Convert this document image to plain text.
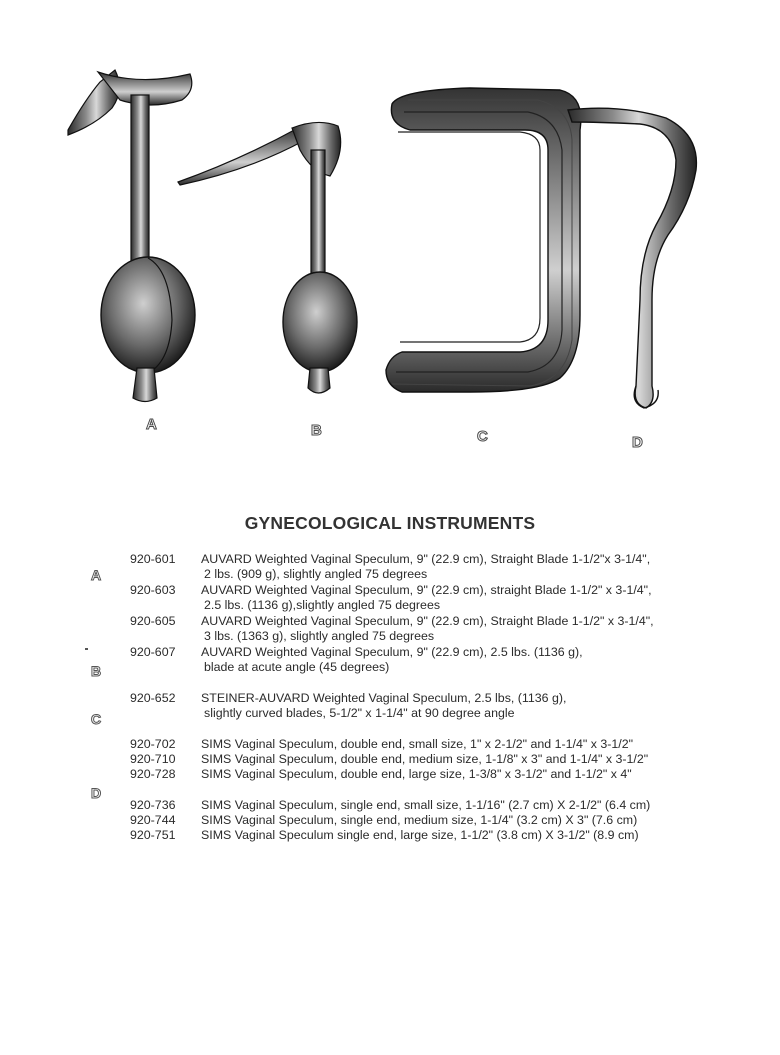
A	B	C	D
GYNECOLOGICAL INSTRUMENTS
A
B
C
D
920-601 AUVARD Weighted Vaginal Speculum, 9" (22.9 cm), Straight Blade 1-1/2"x 3-1/4",
2 lbs. (909 g), slightly angled 75 degrees
920-603 AUVARD Weighted Vaginal Speculum, 9" (22.9 cm), straight Blade 1-1/2" x 3-1/4",
2.5 lbs. (1136 g),slightly angled 75 degrees
920-605 AUVARD Weighted Vaginal Speculum, 9" (22.9 cm), Straight Blade 1-1/2" x 3-1/4",
3 lbs. (1363 g), slightly angled 75 degrees
920-607 AUVARD Weighted Vaginal Speculum, 9" (22.9 cm), 2.5 lbs. (1136 g),
blade at acute angle (45 degrees)
920-652 STEINER-AUVARD Weighted Vaginal Speculum, 2.5 lbs, (1136 g),
slightly curved blades, 5-1/2" x 1-1/4" at 90 degree angle
920-702 SIMS Vaginal Speculum, double end, small size, 1" x 2-1/2" and 1-1/4" x 3-1/2"
920-710 SIMS Vaginal Speculum, double end, medium size, 1-1/8" x 3" and 1-1/4" x 3-1/2"
920-728 SIMS Vaginal Speculum, double end, large size, 1-3/8" x 3-1/2" and 1-1/2" x 4"
920-736 SIMS Vaginal Speculum, single end, small size, 1-1/16" (2.7 cm) X 2-1/2" (6.4 cm)
920-744 SIMS Vaginal Speculum, single end, medium size, 1-1/4" (3.2 cm) X 3" (7.6 cm)
920-751 SIMS Vaginal Speculum single end, large size, 1-1/2" (3.8 cm) X 3-1/2" (8.9 cm)
